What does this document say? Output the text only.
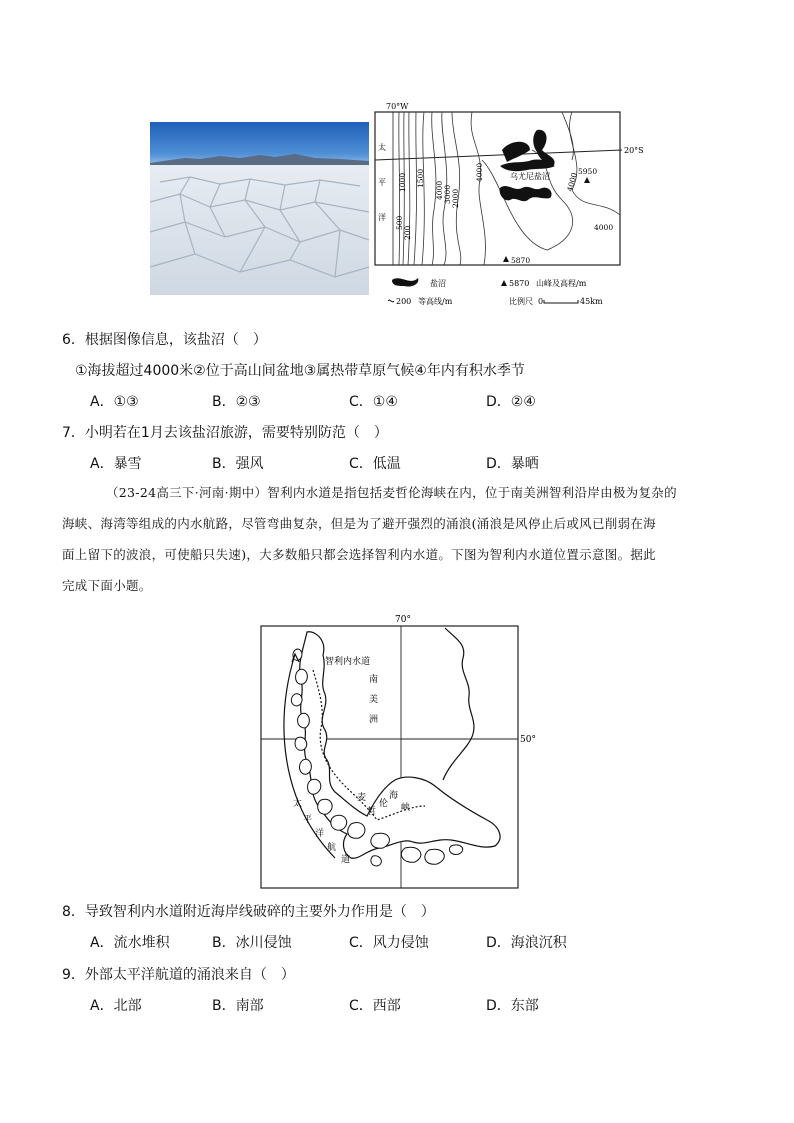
70°W
20°S
太
平
洋
1000 1500
500
200
4000 3000 2000
4000	4000
4000
乌尤尼盐沼
5950
5870
盐沼	5870 山峰及高程/m
200 等高线/m	比例尺 0	45km
6．根据图像信息，该盐沼（　）
①海拔超过4000米②位于高山间盆地③属热带草原气候④年内有积水季节
A．①③	B．②③	C．①④	D．②④
7．小明若在1月去该盐沼旅游，需要特别防范（　）
A．暴雪	B．强风	C．低温	D．暴晒
（23-24高三下·河南·期中）智利内水道是指包括麦哲伦海峡在内，位于南美洲智利沿岸由极为复杂的
海峡、海湾等组成的内水航路，尽管弯曲复杂，但是为了避开强烈的涌浪(涌浪是风停止后或风已削弱在海
面上留下的波浪，可使船只失速)，大多数船只都会选择智利内水道。下图为智利内水道位置示意图。据此
完成下面小题。
70°
50°
智利内水道
南
美
洲
麦
哲
伦
海
峡
太
平
洋
航
道
8．导致智利内水道附近海岸线破碎的主要外力作用是（　）
A．流水堆积	B．冰川侵蚀	C．风力侵蚀	D．海浪沉积
9．外部太平洋航道的涌浪来自（　）
A．北部	B．南部	C．西部	D．东部
